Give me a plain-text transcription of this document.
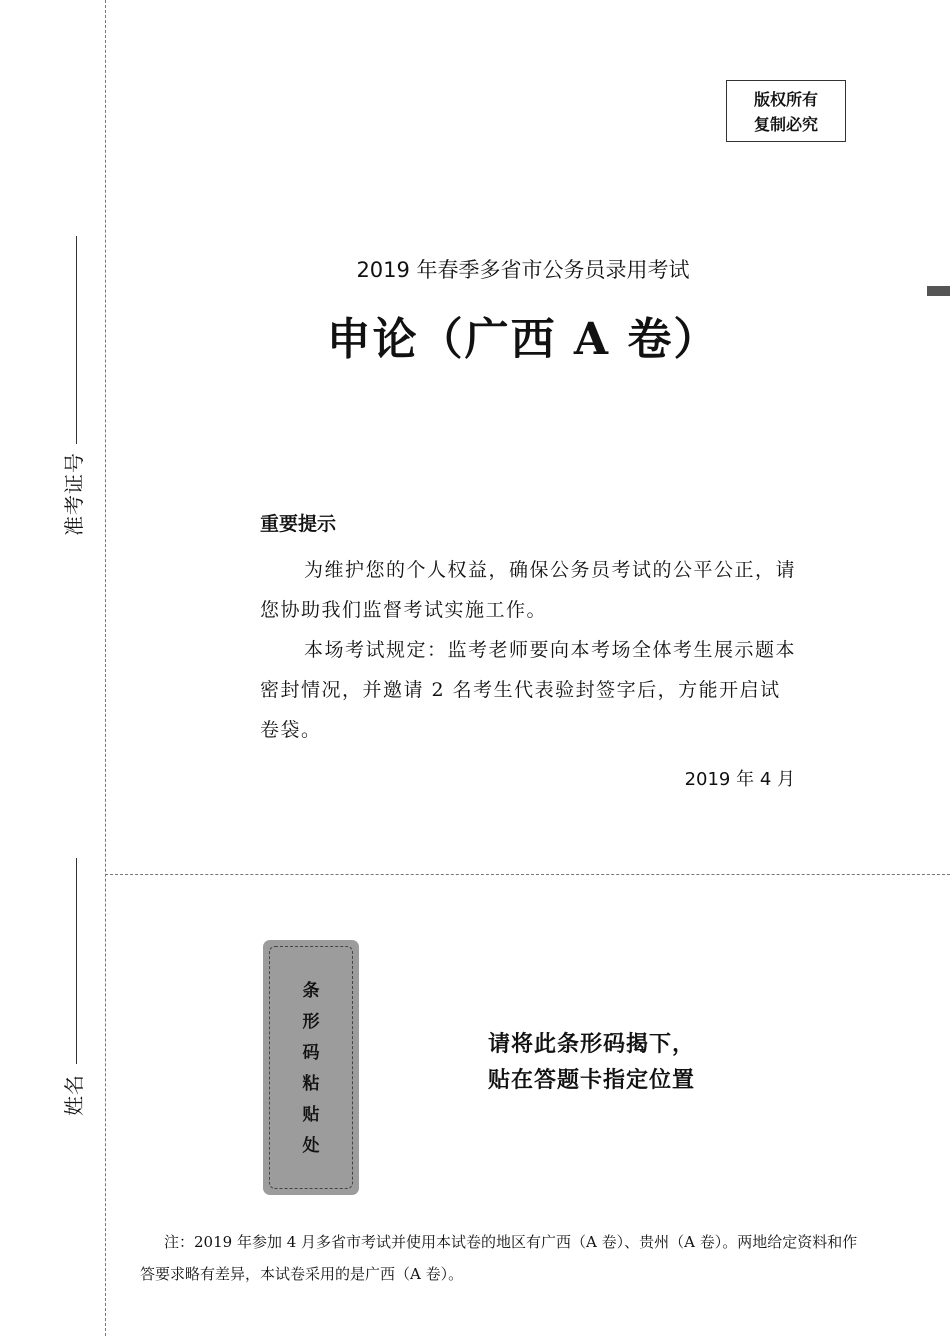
准考证号
姓名
版权所有
复制必究
2019 年春季多省市公务员录用考试
申论（广西 A 卷）
重要提示

为维护您的个人权益，确保公务员考试的公平公正，请您协助我们监督考试实施工作。

本场考试规定：监考老师要向本考场全体考生展示题本密封情况，并邀请 2 名考生代表验封签字后，方能开启试卷袋。

2019 年 4 月
条
形
码
粘
贴
处
请将此条形码揭下，
贴在答题卡指定位置

注：2019 年参加 4 月多省市考试并使用本试卷的地区有广西（A 卷）、贵州（A 卷）。两地给定资料和作答要求略有差异，本试卷采用的是广西（A 卷）。
